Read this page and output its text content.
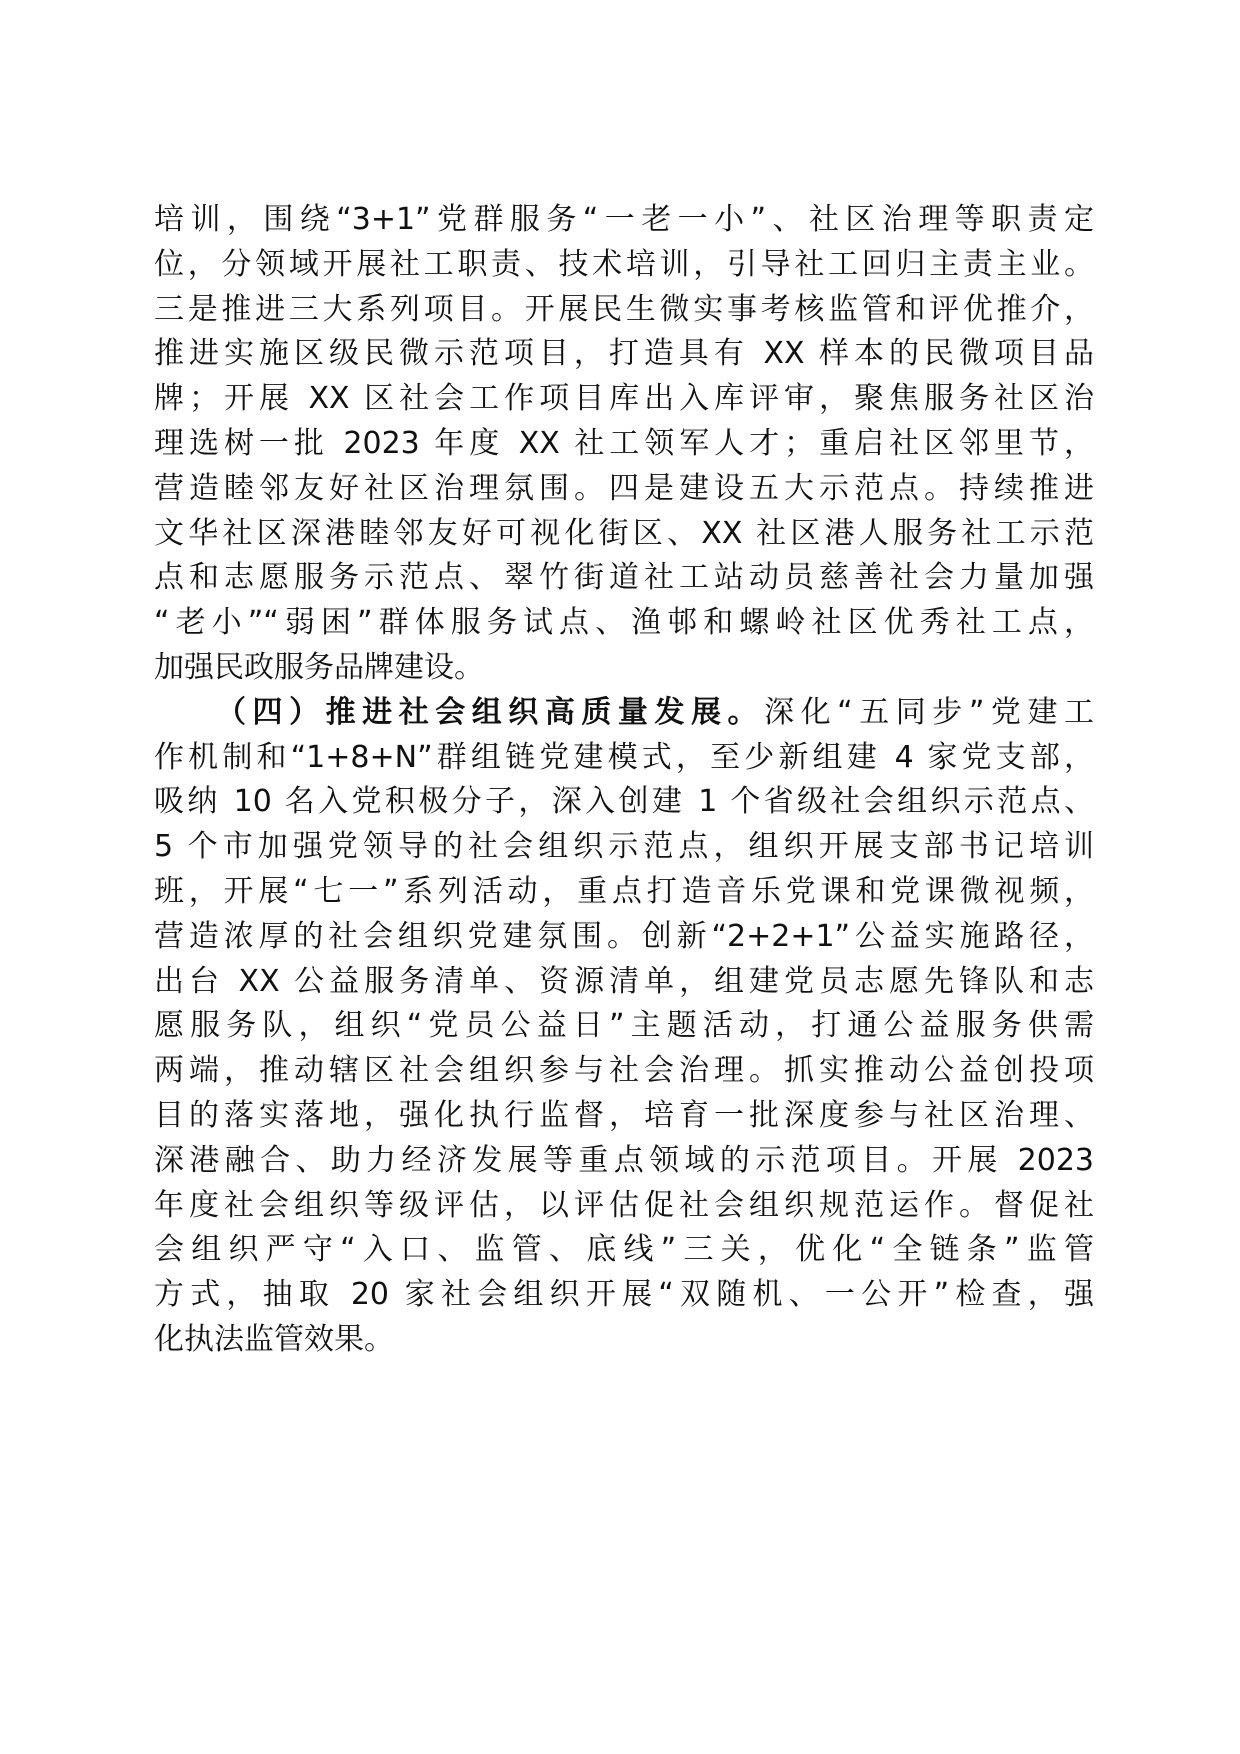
培训，围绕“3+1”党群服务“一老一小”、社区治理等职责定
位，分领域开展社工职责、技术培训，引导社工回归主责主业。
三是推进三大系列项目。开展民生微实事考核监管和评优推介，
推进实施区级民微示范项目，打造具有 XX 样本的民微项目品
牌；开展 XX 区社会工作项目库出入库评审，聚焦服务社区治
理选树一批 2023 年度 XX 社工领军人才；重启社区邻里节，
营造睦邻友好社区治理氛围。四是建设五大示范点。持续推进
文华社区深港睦邻友好可视化街区、XX 社区港人服务社工示范
点和志愿服务示范点、翠竹街道社工站动员慈善社会力量加强
“老小”“弱困”群体服务试点、渔邨和螺岭社区优秀社工点，
加强民政服务品牌建设。
（四）推进社会组织高质量发展。深化“五同步”党建工
作机制和“1+8+N”群组链党建模式，至少新组建 4 家党支部，
吸纳 10 名入党积极分子，深入创建 1 个省级社会组织示范点、
5 个市加强党领导的社会组织示范点，组织开展支部书记培训
班，开展“七一”系列活动，重点打造音乐党课和党课微视频，
营造浓厚的社会组织党建氛围。创新“2+2+1”公益实施路径，
出台 XX 公益服务清单、资源清单，组建党员志愿先锋队和志
愿服务队，组织“党员公益日”主题活动，打通公益服务供需
两端，推动辖区社会组织参与社会治理。抓实推动公益创投项
目的落实落地，强化执行监督，培育一批深度参与社区治理、
深港融合、助力经济发展等重点领域的示范项目。开展 2023
年度社会组织等级评估，以评估促社会组织规范运作。督促社
会组织严守“入口、监管、底线”三关，优化“全链条”监管
方式，抽取 20 家社会组织开展“双随机、一公开”检查，强
化执法监管效果。
